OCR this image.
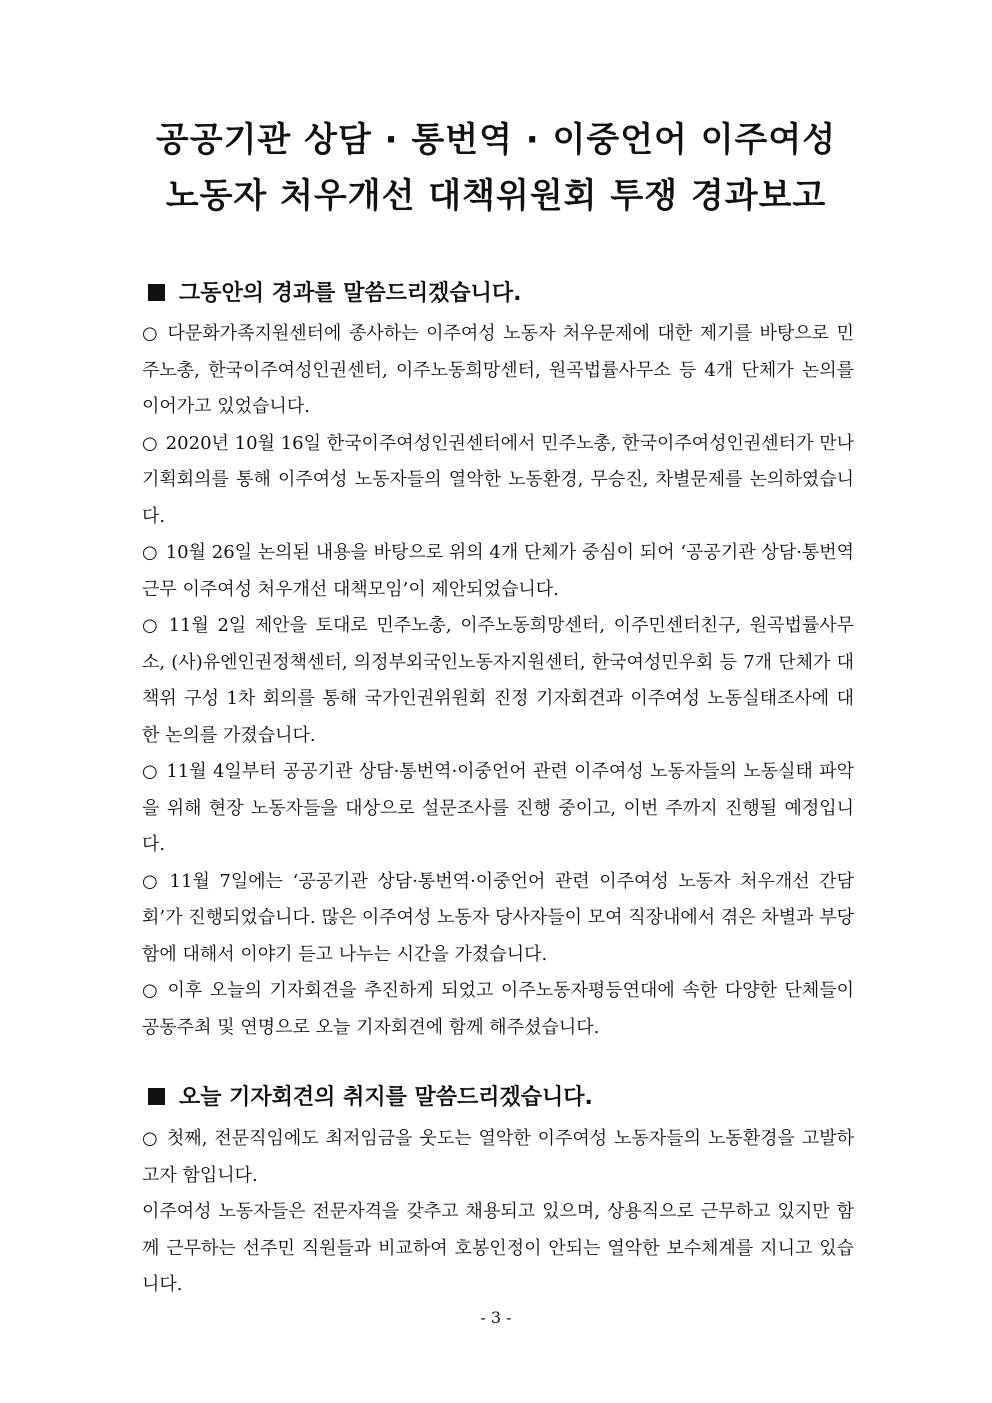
공공기관 상담 · 통번역 · 이중언어 이주여성
노동자 처우개선 대책위원회 투쟁 경과보고
그동안의 경과를 말씀드리겠습니다.
○ 다문화가족지원센터에 종사하는 이주여성 노동자 처우문제에 대한 제기를 바탕으로 민주노총, 한국이주여성인권센터, 이주노동희망센터, 원곡법률사무소 등 4개 단체가 논의를 이어가고 있었습니다.
○ 2020년 10월 16일 한국이주여성인권센터에서 민주노총, 한국이주여성인권센터가 만나 기획회의를 통해 이주여성 노동자들의 열악한 노동환경, 무승진, 차별문제를 논의하였습니다.
○ 10월 26일 논의된 내용을 바탕으로 위의 4개 단체가 중심이 되어 ‘공공기관 상담·통번역 근무 이주여성 처우개선 대책모임’이 제안되었습니다.
○ 11월 2일 제안을 토대로 민주노총, 이주노동희망센터, 이주민센터친구, 원곡법률사무소, (사)유엔인권정책센터, 의정부외국인노동자지원센터, 한국여성민우회 등 7개 단체가 대책위 구성 1차 회의를 통해 국가인권위원회 진정 기자회견과 이주여성 노동실태조사에 대한 논의를 가졌습니다.
○ 11월 4일부터 공공기관 상담·통번역·이중언어 관련 이주여성 노동자들의 노동실태 파악을 위해 현장 노동자들을 대상으로 설문조사를 진행 중이고, 이번 주까지 진행될 예정입니다.
○ 11월 7일에는 ‘공공기관 상담·통번역·이중언어 관련 이주여성 노동자 처우개선 간담회’가 진행되었습니다. 많은 이주여성 노동자 당사자들이 모여 직장내에서 겪은 차별과 부당함에 대해서 이야기 듣고 나누는 시간을 가졌습니다.
○ 이후 오늘의 기자회견을 추진하게 되었고 이주노동자평등연대에 속한 다양한 단체들이 공동주최 및 연명으로 오늘 기자회견에 함께 해주셨습니다.
오늘 기자회견의 취지를 말씀드리겠습니다.
○ 첫째, 전문직임에도 최저임금을 웃도는 열악한 이주여성 노동자들의 노동환경을 고발하고자 함입니다.
이주여성 노동자들은 전문자격을 갖추고 채용되고 있으며, 상용직으로 근무하고 있지만 함께 근무하는 선주민 직원들과 비교하여 호봉인정이 안되는 열악한 보수체계를 지니고 있습니다.
- 3 -
